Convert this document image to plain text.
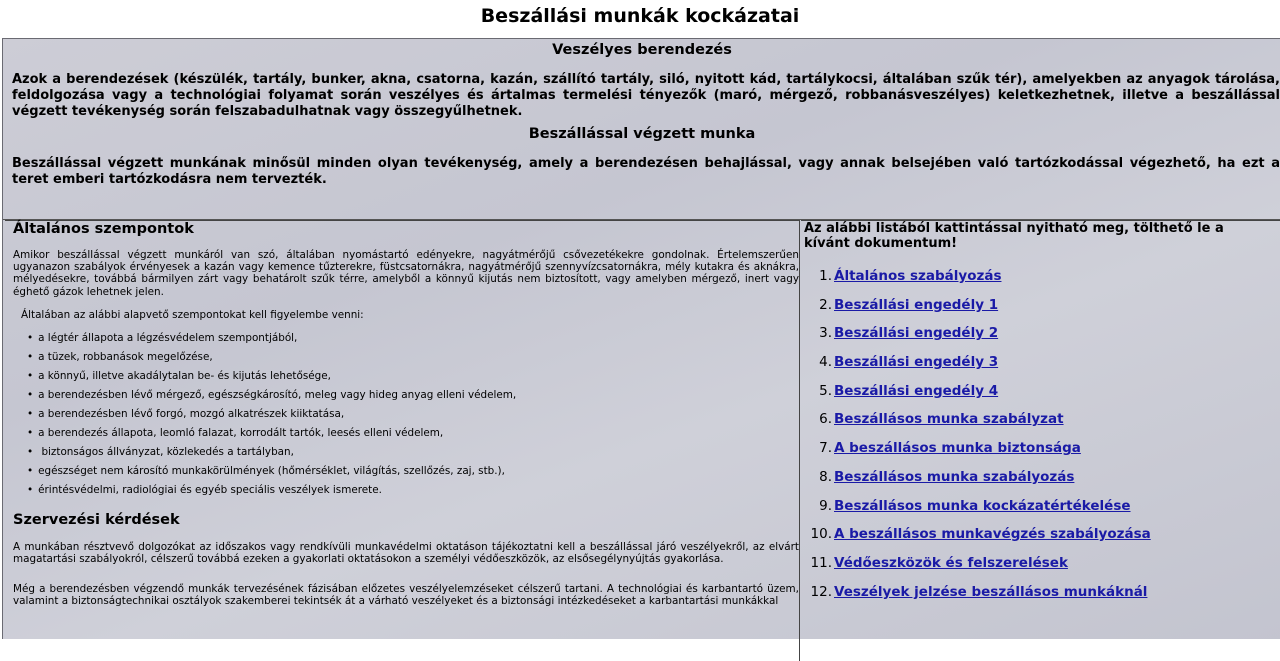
Beszállási munkák kockázatai
Veszélyes berendezés

Azok a berendezések (készülék, tartály, bunker, akna, csatorna, kazán, szállító tartály, siló, nyitott kád, tartálykocsi, általában szűk tér), amelyekben az anyagok tárolása, feldolgozása vagy a technológiai folyamat során veszélyes és ártalmas termelési tényezők (maró, mérgező, robbanásveszélyes) keletkezhetnek, illetve a beszállással végzett tevékenység során felszabadulhatnak vagy összegyűlhetnek.

Beszállással végzett munka

Beszállással végzett munkának minősül minden olyan tevékenység, amely a berendezésen behajlással, vagy annak belsejében való tartózkodással végezhető, ha ezt a teret emberi tartózkodásra nem tervezték.

Általános szempontok

Amikor beszállással végzett munkáról van szó, általában nyomástartó edényekre, nagyátmérőjű csővezetékekre gondolnak. Értelemszerűen ugyanazon szabályok érvényesek a kazán vagy kemence tűzterekre, füstcsatornákra, nagyátmérőjű szennyvízcsatornákra, mély kutakra és aknákra, mélyedésekre, továbbá bármilyen zárt vagy behatárolt szűk térre, amelyből a könnyű kijutás nem biztosított, vagy amelyben mérgező, inert vagy éghető gázok lehetnek jelen.

Általában az alábbi alapvető szempontokat kell figyelembe venni:

• a légtér állapota a légzésvédelem szempontjából,
• a tüzek, robbanások megelőzése,
• a könnyű, illetve akadálytalan be- és kijutás lehetősége,
• a berendezésben lévő mérgező, egészségkárosító, meleg vagy hideg anyag elleni védelem,
• a berendezésben lévő forgó, mozgó alkatrészek kiiktatása,
• a berendezés állapota, leomló falazat, korrodált tartók, leesés elleni védelem,
• biztonságos állványzat, közlekedés a tartályban,
• egészséget nem károsító munkakörülmények (hőmérséklet, világítás, szellőzés, zaj, stb.),
• érintésvédelmi, radiológiai és egyéb speciális veszélyek ismerete.
Szervezési kérdések

A munkában résztvevő dolgozókat az időszakos vagy rendkívüli munkavédelmi oktatáson tájékoztatni kell a beszállással járó veszélyekről, az elvárt magatartási szabályokról, célszerű továbbá ezeken a gyakorlati oktatásokon a személyi védőeszközök, az elsősegélynyújtás gyakorlása.

Még a berendezésben végzendő munkák tervezésének fázisában előzetes veszélyelemzéseket célszerű tartani. A technológiai és karbantartó üzem, valamint a biztonságtechnikai osztályok szakemberei tekintsék át a várható veszélyeket és a biztonsági intézkedéseket a karbantartási munkákkal

Az alábbi listából kattintással nyitható meg, tölthető le a kívánt dokumentum!

1. Általános szabályozás
2. Beszállási engedély 1
3. Beszállási engedély 2
4. Beszállási engedély 3
5. Beszállási engedély 4
6. Beszállásos munka szabályzat
7. A beszállásos munka biztonsága
8. Beszállásos munka szabályozás
9. Beszállásos munka kockázatértékelése
10. A beszállásos munkavégzés szabályozása
11. Védőeszközök és felszerelések
12. Veszélyek jelzése beszállásos munkáknál
